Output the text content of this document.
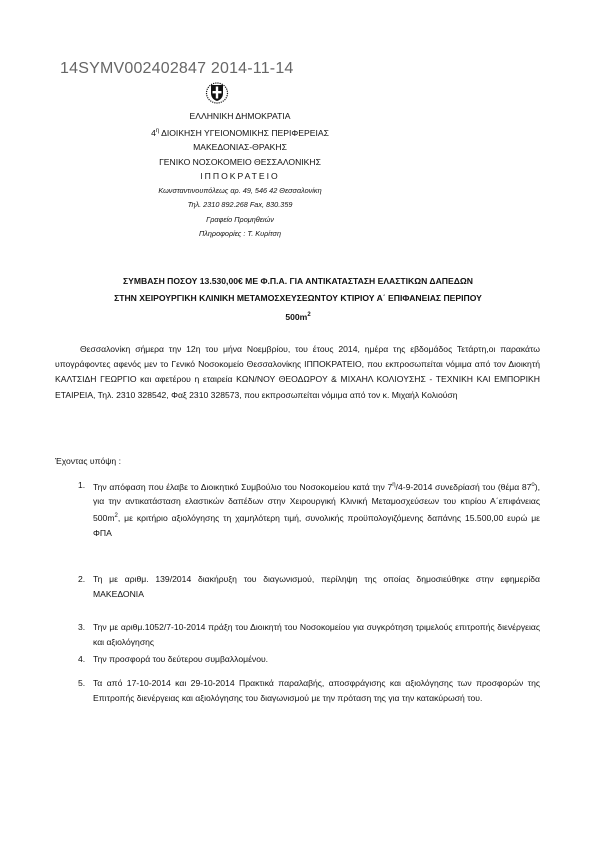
14SYMV002402847 2014-11-14
ΕΛΛΗΝΙΚΗ ΔΗΜΟΚΡΑΤΙΑ
$4^\eta$ ΔΙΟΙΚΗΣΗ ΥΓΕΙΟΝΟΜΙΚΗΣ ΠΕΡΙΦΕΡΕΙΑΣ
ΜΑΚΕΔΟΝΙΑΣ-ΘΡΑΚΗΣ
ΓΕΝΙΚΟ ΝΟΣΟΚΟΜΕΙΟ ΘΕΣΣΑΛΟΝΙΚΗΣ
ΙΠΠΟΚΡΑΤΕΙΟ
Κωνσταντινουπόλεως αρ. 49, 546 42 Θεσσαλονίκη
Τηλ. 2310 892.268 Fax, 830.359
Γραφείο Προμηθειών
Πληροφορίες : Τ. Κυρίτση
ΣΥΜΒΑΣΗ ΠΟΣΟΥ 13.530,00€ ΜΕ Φ.Π.Α. ΓΙΑ ΑΝΤΙΚΑΤΑΣΤΑΣΗ ΕΛΑΣΤΙΚΩΝ ΔΑΠΕΔΩΝ
ΣΤΗΝ ΧΕΙΡΟΥΡΓΙΚΗ ΚΛΙΝΙΚΗ ΜΕΤΑΜΟΣΧΕΥΣΕΩΝΤΟΥ ΚΤΙΡΙΟΥ Α΄ ΕΠΙΦΑΝΕΙΑΣ ΠΕΡΙΠΟΥ
$500m^2$
Θεσσαλονίκη σήμερα την 12η του μήνα Νοεμβρίου, του έτους 2014, ημέρα της εβδομάδος Τετάρτη,οι παρακάτω υπογράφοντες αφενός μεν το Γενικό Νοσοκομείο Θεσσαλονίκης ΙΠΠΟΚΡΑΤΕΙΟ, που εκπροσωπείται νόμιμα από τον Διοικητή ΚΑΛΤΣΙΔΗ ΓΕΩΡΓΙΟ και αφετέρου η εταιρεία ΚΩΝ/ΝΟΥ ΘΕΟΔΩΡΟΥ & ΜΙΧΑΗΛ ΚΟΛΙΟΥΣΗΣ - ΤΕΧΝΙΚΗ ΚΑΙ ΕΜΠΟΡΙΚΗ ΕΤΑΙΡΕΙΑ, Τηλ. 2310 328542, Φαξ 2310 328573, που εκπροσωπείται νόμιμα από τον κ. Μιχαήλ Κολιούση
Έχοντας υπόψη :
1. Την απόφαση που έλαβε το Διοικητικό Συμβούλιο του Νοσοκομείου κατά την $7^\eta/4-9-2014$ συνεδρίασή του (θέμα $87^o$), για την αντικατάσταση ελαστικών δαπέδων στην Χειρουργική Κλινική Μεταμοσχεύσεων του κτιρίου Α΄επιφάνειας $500m^2$, με κριτήριο αξιολόγησης τη χαμηλότερη τιμή, συνολικής προϋπολογιζόμενης δαπάνης 15.500,00 ευρώ με ΦΠΑ
2. Τη με αριθμ. 139/2014 διακήρυξη του διαγωνισμού, περίληψη της οποίας δημοσιεύθηκε στην εφημερίδα ΜΑΚΕΔΟΝΙΑ
3. Την με αριθμ.1052/7-10-2014 πράξη του Διοικητή του Νοσοκομείου για συγκρότηση τριμελούς επιτροπής διενέργειας και αξιολόγησης
4. Την προσφορά του δεύτερου συμβαλλομένου.
5. Τα από 17-10-2014 και 29-10-2014 Πρακτικά παραλαβής, αποσφράγισης και αξιολόγησης των προσφορών της Επιτροπής διενέργειας και αξιολόγησης του διαγωνισμού με την πρόταση της για την κατακύρωσή του.
